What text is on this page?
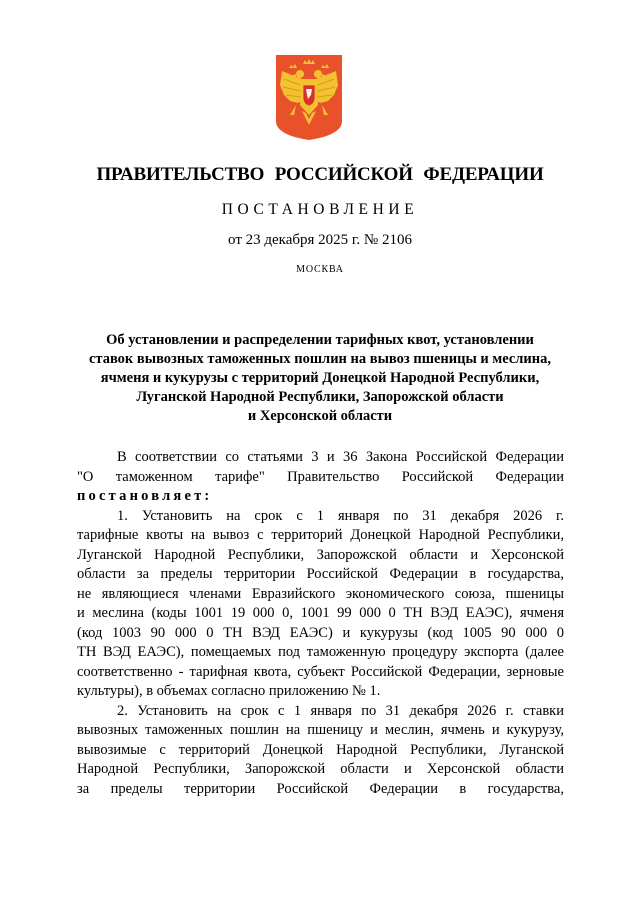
ПРАВИТЕЛЬСТВО РОССИЙСКОЙ ФЕДЕРАЦИИ
ПОСТАНОВЛЕНИЕ
от 23 декабря 2025 г. № 2106
МОСКВА
Об установлении и распределении тарифных квот, установлении
ставок вывозных таможенных пошлин на вывоз пшеницы и меслина,
ячменя и кукурузы с территорий Донецкой Народной Республики,
Луганской Народной Республики, Запорожской области
и Херсонской области
В соответствии со статьями 3 и 36 Закона Российской Федерации
"О таможенном тарифе" Правительство Российской Федерации
постановляет:
1. Установить на срок с 1 января по 31 декабря 2026 г.
тарифные квоты на вывоз с территорий Донецкой Народной Республики,
Луганской Народной Республики, Запорожской области и Херсонской
области за пределы территории Российской Федерации в государства,
не являющиеся членами Евразийского экономического союза, пшеницы
и меслина (коды 1001 19 000 0, 1001 99 000 0 ТН ВЭД ЕАЭС), ячменя
(код 1003 90 000 0 ТН ВЭД ЕАЭС) и кукурузы (код 1005 90 000 0
ТН ВЭД ЕАЭС), помещаемых под таможенную процедуру экспорта (далее
соответственно - тарифная квота, субъект Российской Федерации, зерновые
культуры), в объемах согласно приложению № 1.
2. Установить на срок с 1 января по 31 декабря 2026 г. ставки
вывозных таможенных пошлин на пшеницу и меслин, ячмень и кукурузу,
вывозимые с территорий Донецкой Народной Республики, Луганской
Народной Республики, Запорожской области и Херсонской области
за пределы территории Российской Федерации в государства,
